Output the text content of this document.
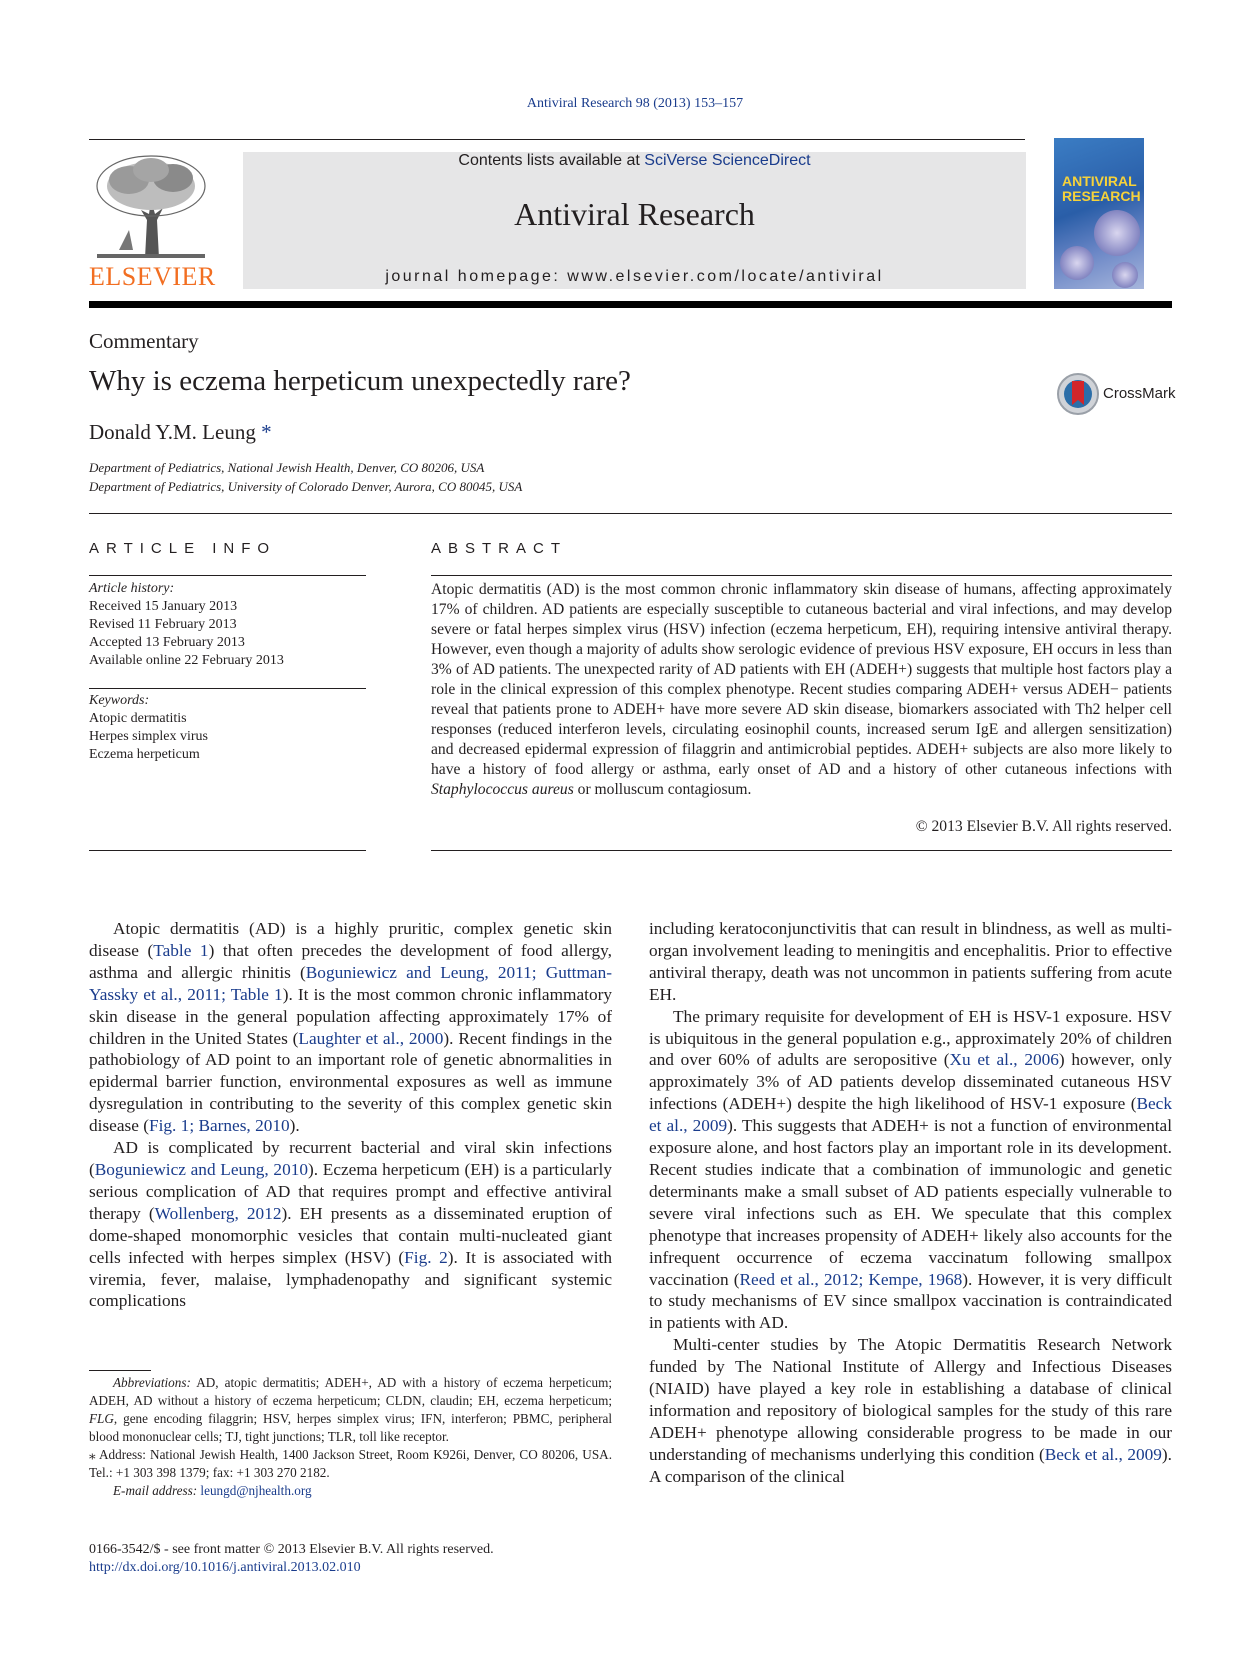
Antiviral Research 98 (2013) 153–157
ELSEVIER
Contents lists available at SciVerse ScienceDirect
Antiviral Research
journal homepage: www.elsevier.com/locate/antiviral
ANTIVIRAL RESEARCH
Commentary
Why is eczema herpeticum unexpectedly rare?
Donald Y.M. Leung *
CrossMark
Department of Pediatrics, National Jewish Health, Denver, CO 80206, USA
Department of Pediatrics, University of Colorado Denver, Aurora, CO 80045, USA
ARTICLE INFO	ABSTRACT
Article history:
Received 15 January 2013
Revised 11 February 2013
Accepted 13 February 2013
Available online 22 February 2013
Keywords:
Atopic dermatitis
Herpes simplex virus
Eczema herpeticum
Atopic dermatitis (AD) is the most common chronic inflammatory skin disease of humans, affecting approximately 17% of children. AD patients are especially susceptible to cutaneous bacterial and viral infections, and may develop severe or fatal herpes simplex virus (HSV) infection (eczema herpeticum, EH), requiring intensive antiviral therapy. However, even though a majority of adults show serologic evidence of previous HSV exposure, EH occurs in less than 3% of AD patients. The unexpected rarity of AD patients with EH (ADEH+) suggests that multiple host factors play a role in the clinical expression of this complex phenotype. Recent studies comparing ADEH+ versus ADEH− patients reveal that patients prone to ADEH+ have more severe AD skin disease, biomarkers associated with Th2 helper cell responses (reduced interferon levels, circulating eosinophil counts, increased serum IgE and allergen sensitization) and decreased epidermal expression of filaggrin and antimicrobial peptides. ADEH+ subjects are also more likely to have a history of food allergy or asthma, early onset of AD and a history of other cutaneous infections with Staphylococcus aureus or molluscum contagiosum.
© 2013 Elsevier B.V. All rights reserved.

Atopic dermatitis (AD) is a highly pruritic, complex genetic skin disease (Table 1) that often precedes the development of food allergy, asthma and allergic rhinitis (Boguniewicz and Leung, 2011; Guttman-Yassky et al., 2011; Table 1). It is the most common chronic inflammatory skin disease in the general population affecting approximately 17% of children in the United States (Laughter et al., 2000). Recent findings in the pathobiology of AD point to an important role of genetic abnormalities in epidermal barrier function, environmental exposures as well as immune dysregulation in contributing to the severity of this complex genetic skin disease (Fig. 1; Barnes, 2010).

AD is complicated by recurrent bacterial and viral skin infections (Boguniewicz and Leung, 2010). Eczema herpeticum (EH) is a particularly serious complication of AD that requires prompt and effective antiviral therapy (Wollenberg, 2012). EH presents as a disseminated eruption of dome-shaped monomorphic vesicles that contain multi-nucleated giant cells infected with herpes simplex (HSV) (Fig. 2). It is associated with viremia, fever, malaise, lymphadenopathy and significant systemic complications

including keratoconjunctivitis that can result in blindness, as well as multi-organ involvement leading to meningitis and encephalitis. Prior to effective antiviral therapy, death was not uncommon in patients suffering from acute EH.

The primary requisite for development of EH is HSV-1 exposure. HSV is ubiquitous in the general population e.g., approximately 20% of children and over 60% of adults are seropositive (Xu et al., 2006) however, only approximately 3% of AD patients develop disseminated cutaneous HSV infections (ADEH+) despite the high likelihood of HSV-1 exposure (Beck et al., 2009). This suggests that ADEH+ is not a function of environmental exposure alone, and host factors play an important role in its development. Recent studies indicate that a combination of immunologic and genetic determinants make a small subset of AD patients especially vulnerable to severe viral infections such as EH. We speculate that this complex phenotype that increases propensity of ADEH+ likely also accounts for the infrequent occurrence of eczema vaccinatum following smallpox vaccination (Reed et al., 2012; Kempe, 1968). However, it is very difficult to study mechanisms of EV since smallpox vaccination is contraindicated in patients with AD.

Multi-center studies by The Atopic Dermatitis Research Network funded by The National Institute of Allergy and Infectious Diseases (NIAID) have played a key role in establishing a database of clinical information and repository of biological samples for the study of this rare ADEH+ phenotype allowing considerable progress to be made in our understanding of mechanisms underlying this condition (Beck et al., 2009). A comparison of the clinical

Abbreviations: AD, atopic dermatitis; ADEH+, AD with a history of eczema herpeticum; ADEH, AD without a history of eczema herpeticum; CLDN, claudin; EH, eczema herpeticum; FLG, gene encoding filaggrin; HSV, herpes simplex virus; IFN, interferon; PBMC, peripheral blood mononuclear cells; TJ, tight junctions; TLR, toll like receptor.

⁎ Address: National Jewish Health, 1400 Jackson Street, Room K926i, Denver, CO 80206, USA. Tel.: +1 303 398 1379; fax: +1 303 270 2182.

E-mail address: leungd@njhealth.org

0166-3542/$ - see front matter © 2013 Elsevier B.V. All rights reserved.
http://dx.doi.org/10.1016/j.antiviral.2013.02.010
